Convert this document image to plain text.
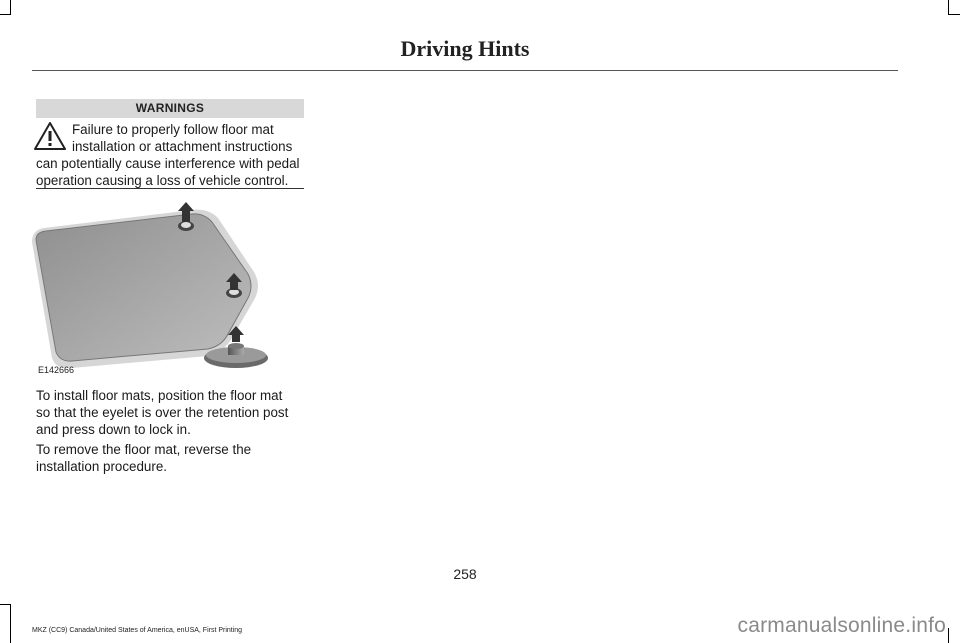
Driving Hints
WARNINGS
Failure to properly follow floor mat
installation or attachment instructions
can potentially cause interference with pedal
operation causing a loss of vehicle control.
E142666
To install floor mats, position the floor mat
so that the eyelet is over the retention post
and press down to lock in.
To remove the floor mat, reverse the
installation procedure.
258
MKZ (CC9) Canada/United States of America, enUSA, First Printing	carmanualsonline.info
